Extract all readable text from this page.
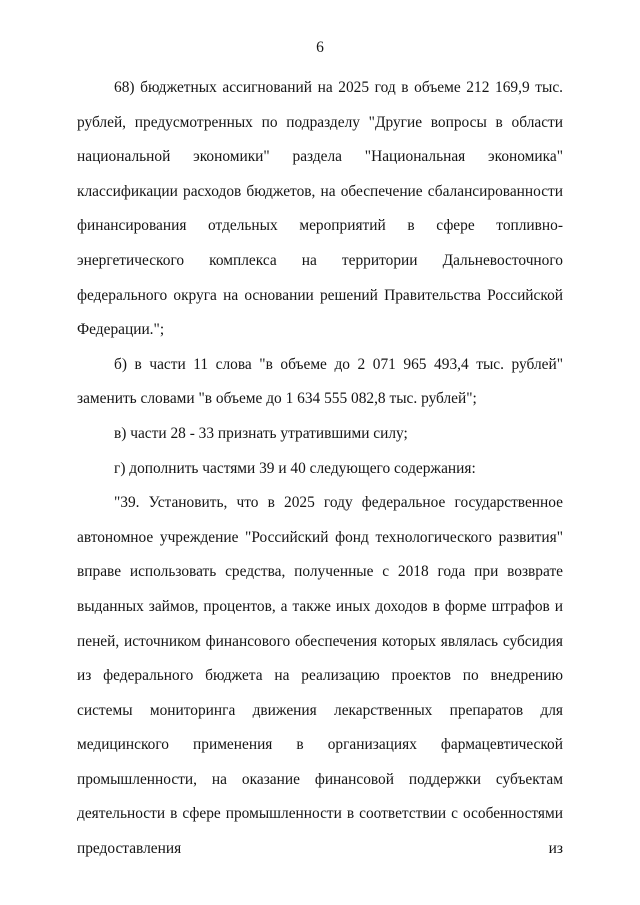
6

68) бюджетных ассигнований на 2025 год в объеме 212 169,9 тыс. рублей, предусмотренных по подразделу "Другие вопросы в области национальной экономики" раздела "Национальная экономика" классификации расходов бюджетов, на обеспечение сбалансированности финансирования отдельных мероприятий в сфере топливно-энергетического комплекса на территории Дальневосточного федерального округа на основании решений Правительства Российской Федерации.";

б) в части 11 слова "в объеме до 2 071 965 493,4 тыс. рублей" заменить словами "в объеме до 1 634 555 082,8 тыс. рублей";

в) части 28 - 33 признать утратившими силу;

г) дополнить частями 39 и 40 следующего содержания:

"39. Установить, что в 2025 году федеральное государственное автономное учреждение "Российский фонд технологического развития" вправе использовать средства, полученные с 2018 года при возврате выданных займов, процентов, а также иных доходов в форме штрафов и пеней, источником финансового обеспечения которых являлась субсидия из федерального бюджета на реализацию проектов по внедрению системы мониторинга движения лекарственных препаратов для медицинского применения в организациях фармацевтической промышленности, на оказание финансовой поддержки субъектам деятельности в сфере промышленности в соответствии с особенностями предоставления из
